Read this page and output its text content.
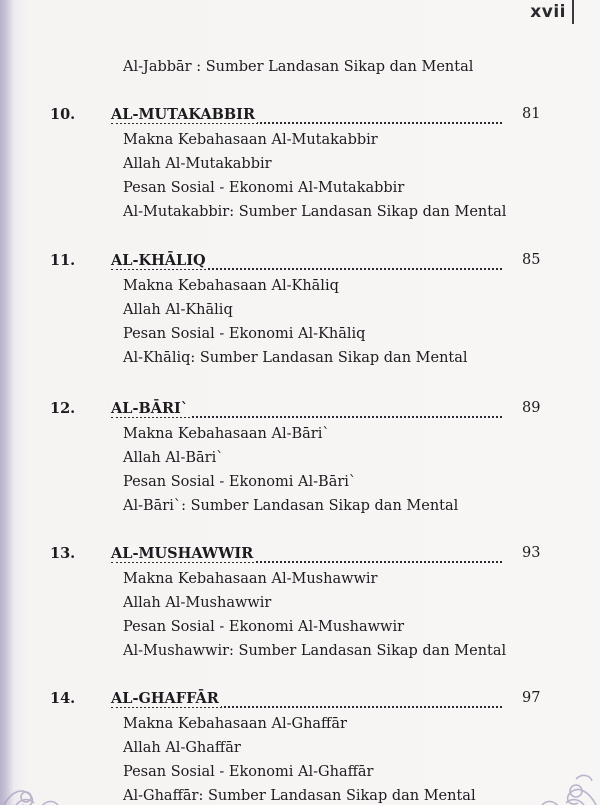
xvii
Al-Jabbār : Sumber Landasan Sikap dan Mental
10. AL-MUTAKABBIR	81
Makna Kebahasaan Al-Mutakabbir
Allah Al-Mutakabbir
Pesan Sosial - Ekonomi Al-Mutakabbir
Al-Mutakabbir: Sumber Landasan Sikap dan Mental
11. AL-KHĀLIQ	85
Makna Kebahasaan Al-Khāliq
Allah Al-Khāliq
Pesan Sosial - Ekonomi Al-Khāliq
Al-Khāliq: Sumber Landasan Sikap dan Mental
12. AL-BĀRI`	89
Makna Kebahasaan Al-Bāri`
Allah Al-Bāri`
Pesan Sosial - Ekonomi Al-Bāri`
Al-Bāri`: Sumber Landasan Sikap dan Mental
13. AL-MUSHAWWIR	93
Makna Kebahasaan Al-Mushawwir
Allah Al-Mushawwir
Pesan Sosial - Ekonomi Al-Mushawwir
Al-Mushawwir: Sumber Landasan Sikap dan Mental
14. AL-GHAFFĀR	97
Makna Kebahasaan Al-Ghaffār
Allah Al-Ghaffār
Pesan Sosial - Ekonomi Al-Ghaffār
Al-Ghaffār: Sumber Landasan Sikap dan Mental
